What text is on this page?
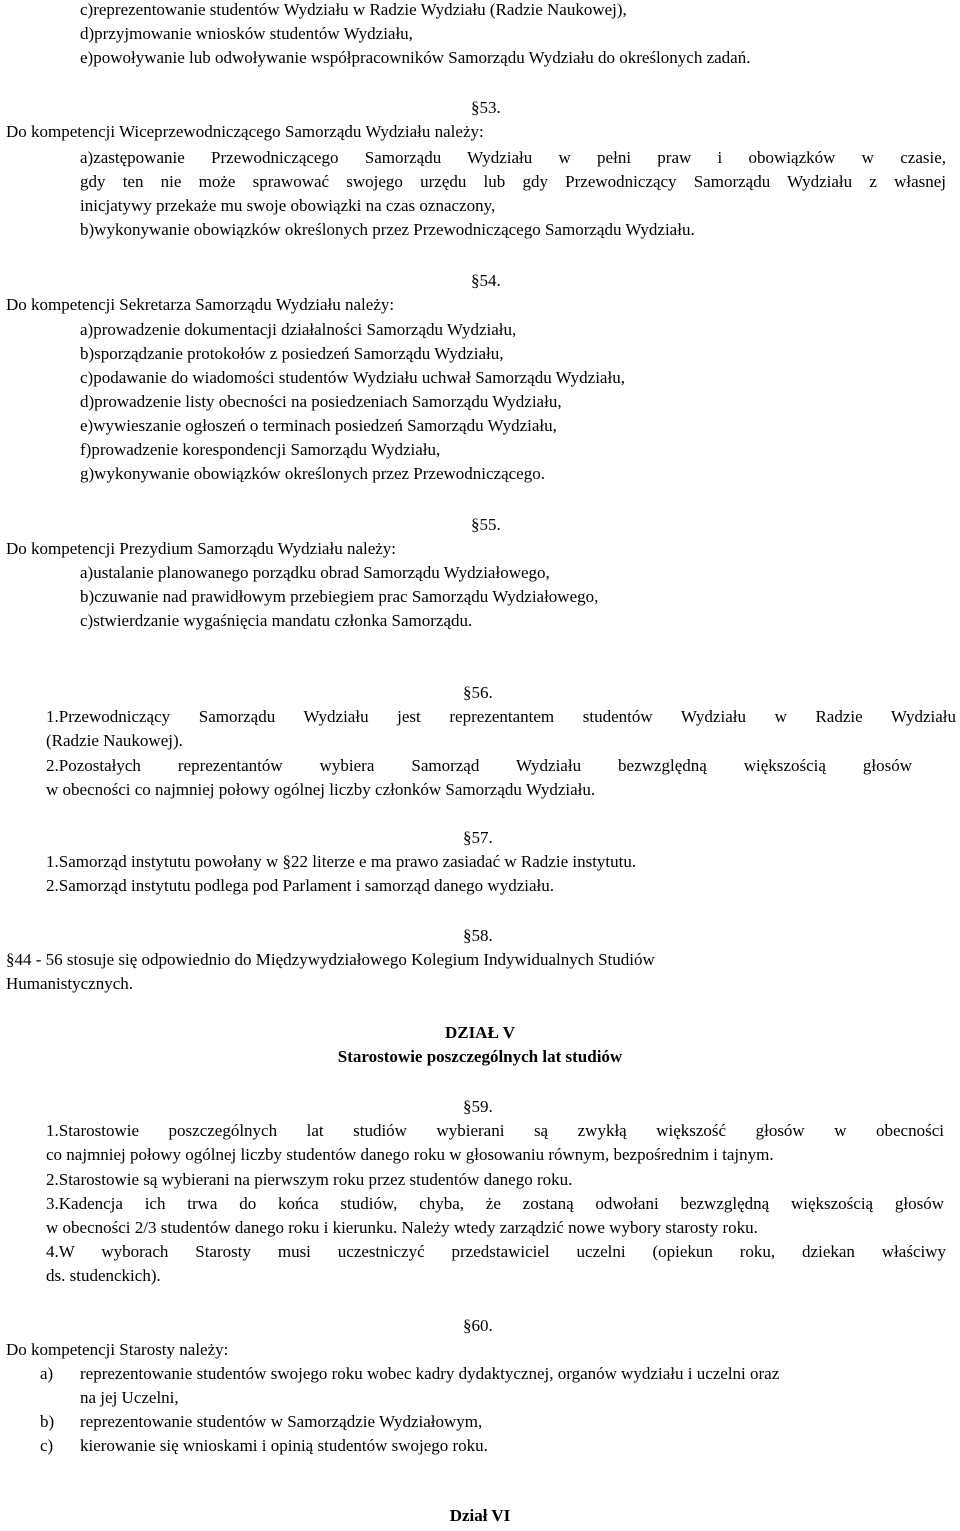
c)reprezentowanie studentów Wydziału w Radzie Wydziału (Radzie Naukowej),
d)przyjmowanie wniosków studentów Wydziału,
e)powoływanie lub odwoływanie współpracowników Samorządu Wydziału do określonych zadań.
§53.
Do kompetencji Wiceprzewodniczącego Samorządu Wydziału należy:
a)zastępowanie Przewodniczącego Samorządu Wydziału w pełni praw i obowiązków w czasie,
gdy ten nie może sprawować swojego urzędu lub gdy Przewodniczący Samorządu Wydziału z własnej
inicjatywy przekaże mu swoje obowiązki na czas oznaczony,
b)wykonywanie obowiązków określonych przez Przewodniczącego Samorządu Wydziału.
§54.
Do kompetencji Sekretarza Samorządu Wydziału należy:
a)prowadzenie dokumentacji działalności Samorządu Wydziału,
b)sporządzanie protokołów z posiedzeń Samorządu Wydziału,
c)podawanie do wiadomości studentów Wydziału uchwał Samorządu Wydziału,
d)prowadzenie listy obecności na posiedzeniach Samorządu Wydziału,
e)wywieszanie ogłoszeń o terminach posiedzeń Samorządu Wydziału,
f)prowadzenie korespondencji Samorządu Wydziału,
g)wykonywanie obowiązków określonych przez Przewodniczącego.
§55.
Do kompetencji Prezydium Samorządu Wydziału należy:
a)ustalanie planowanego porządku obrad Samorządu Wydziałowego,
b)czuwanie nad prawidłowym przebiegiem prac Samorządu Wydziałowego,
c)stwierdzanie wygaśnięcia mandatu członka Samorządu.
§56.
1.Przewodniczący Samorządu Wydziału jest reprezentantem studentów Wydziału w Radzie Wydziału
(Radzie Naukowej).
2.Pozostałych reprezentantów wybiera Samorząd Wydziału bezwzględną większością głosów
w obecności co najmniej połowy ogólnej liczby członków Samorządu Wydziału.
§57.
1.Samorząd instytutu powołany w §22 literze e ma prawo zasiadać w Radzie instytutu.
2.Samorząd instytutu podlega pod Parlament i samorząd danego wydziału.
§58.
§44 - 56 stosuje się odpowiednio do Międzywydziałowego Kolegium Indywidualnych Studiów
Humanistycznych.
DZIAŁ V
Starostowie poszczególnych lat studiów
§59.
1.Starostowie poszczególnych lat studiów wybierani są zwykłą większość głosów w obecności
co najmniej połowy ogólnej liczby studentów danego roku w głosowaniu równym, bezpośrednim i tajnym.
2.Starostowie są wybierani na pierwszym roku przez studentów danego roku.
3.Kadencja ich trwa do końca studiów, chyba, że zostaną odwołani bezwzględną większością głosów
w obecności 2/3 studentów danego roku i kierunku. Należy wtedy zarządzić nowe wybory starosty roku.
4.W wyborach Starosty musi uczestniczyć przedstawiciel uczelni (opiekun roku, dziekan właściwy
ds. studenckich).
§60.
Do kompetencji Starosty należy:
a)	reprezentowanie studentów swojego roku wobec kadry dydaktycznej, organów wydziału i uczelni oraz
na jej Uczelni,
b)	reprezentowanie studentów w Samorządzie Wydziałowym,
c)	kierowanie się wnioskami i opinią studentów swojego roku.
Dział VI
